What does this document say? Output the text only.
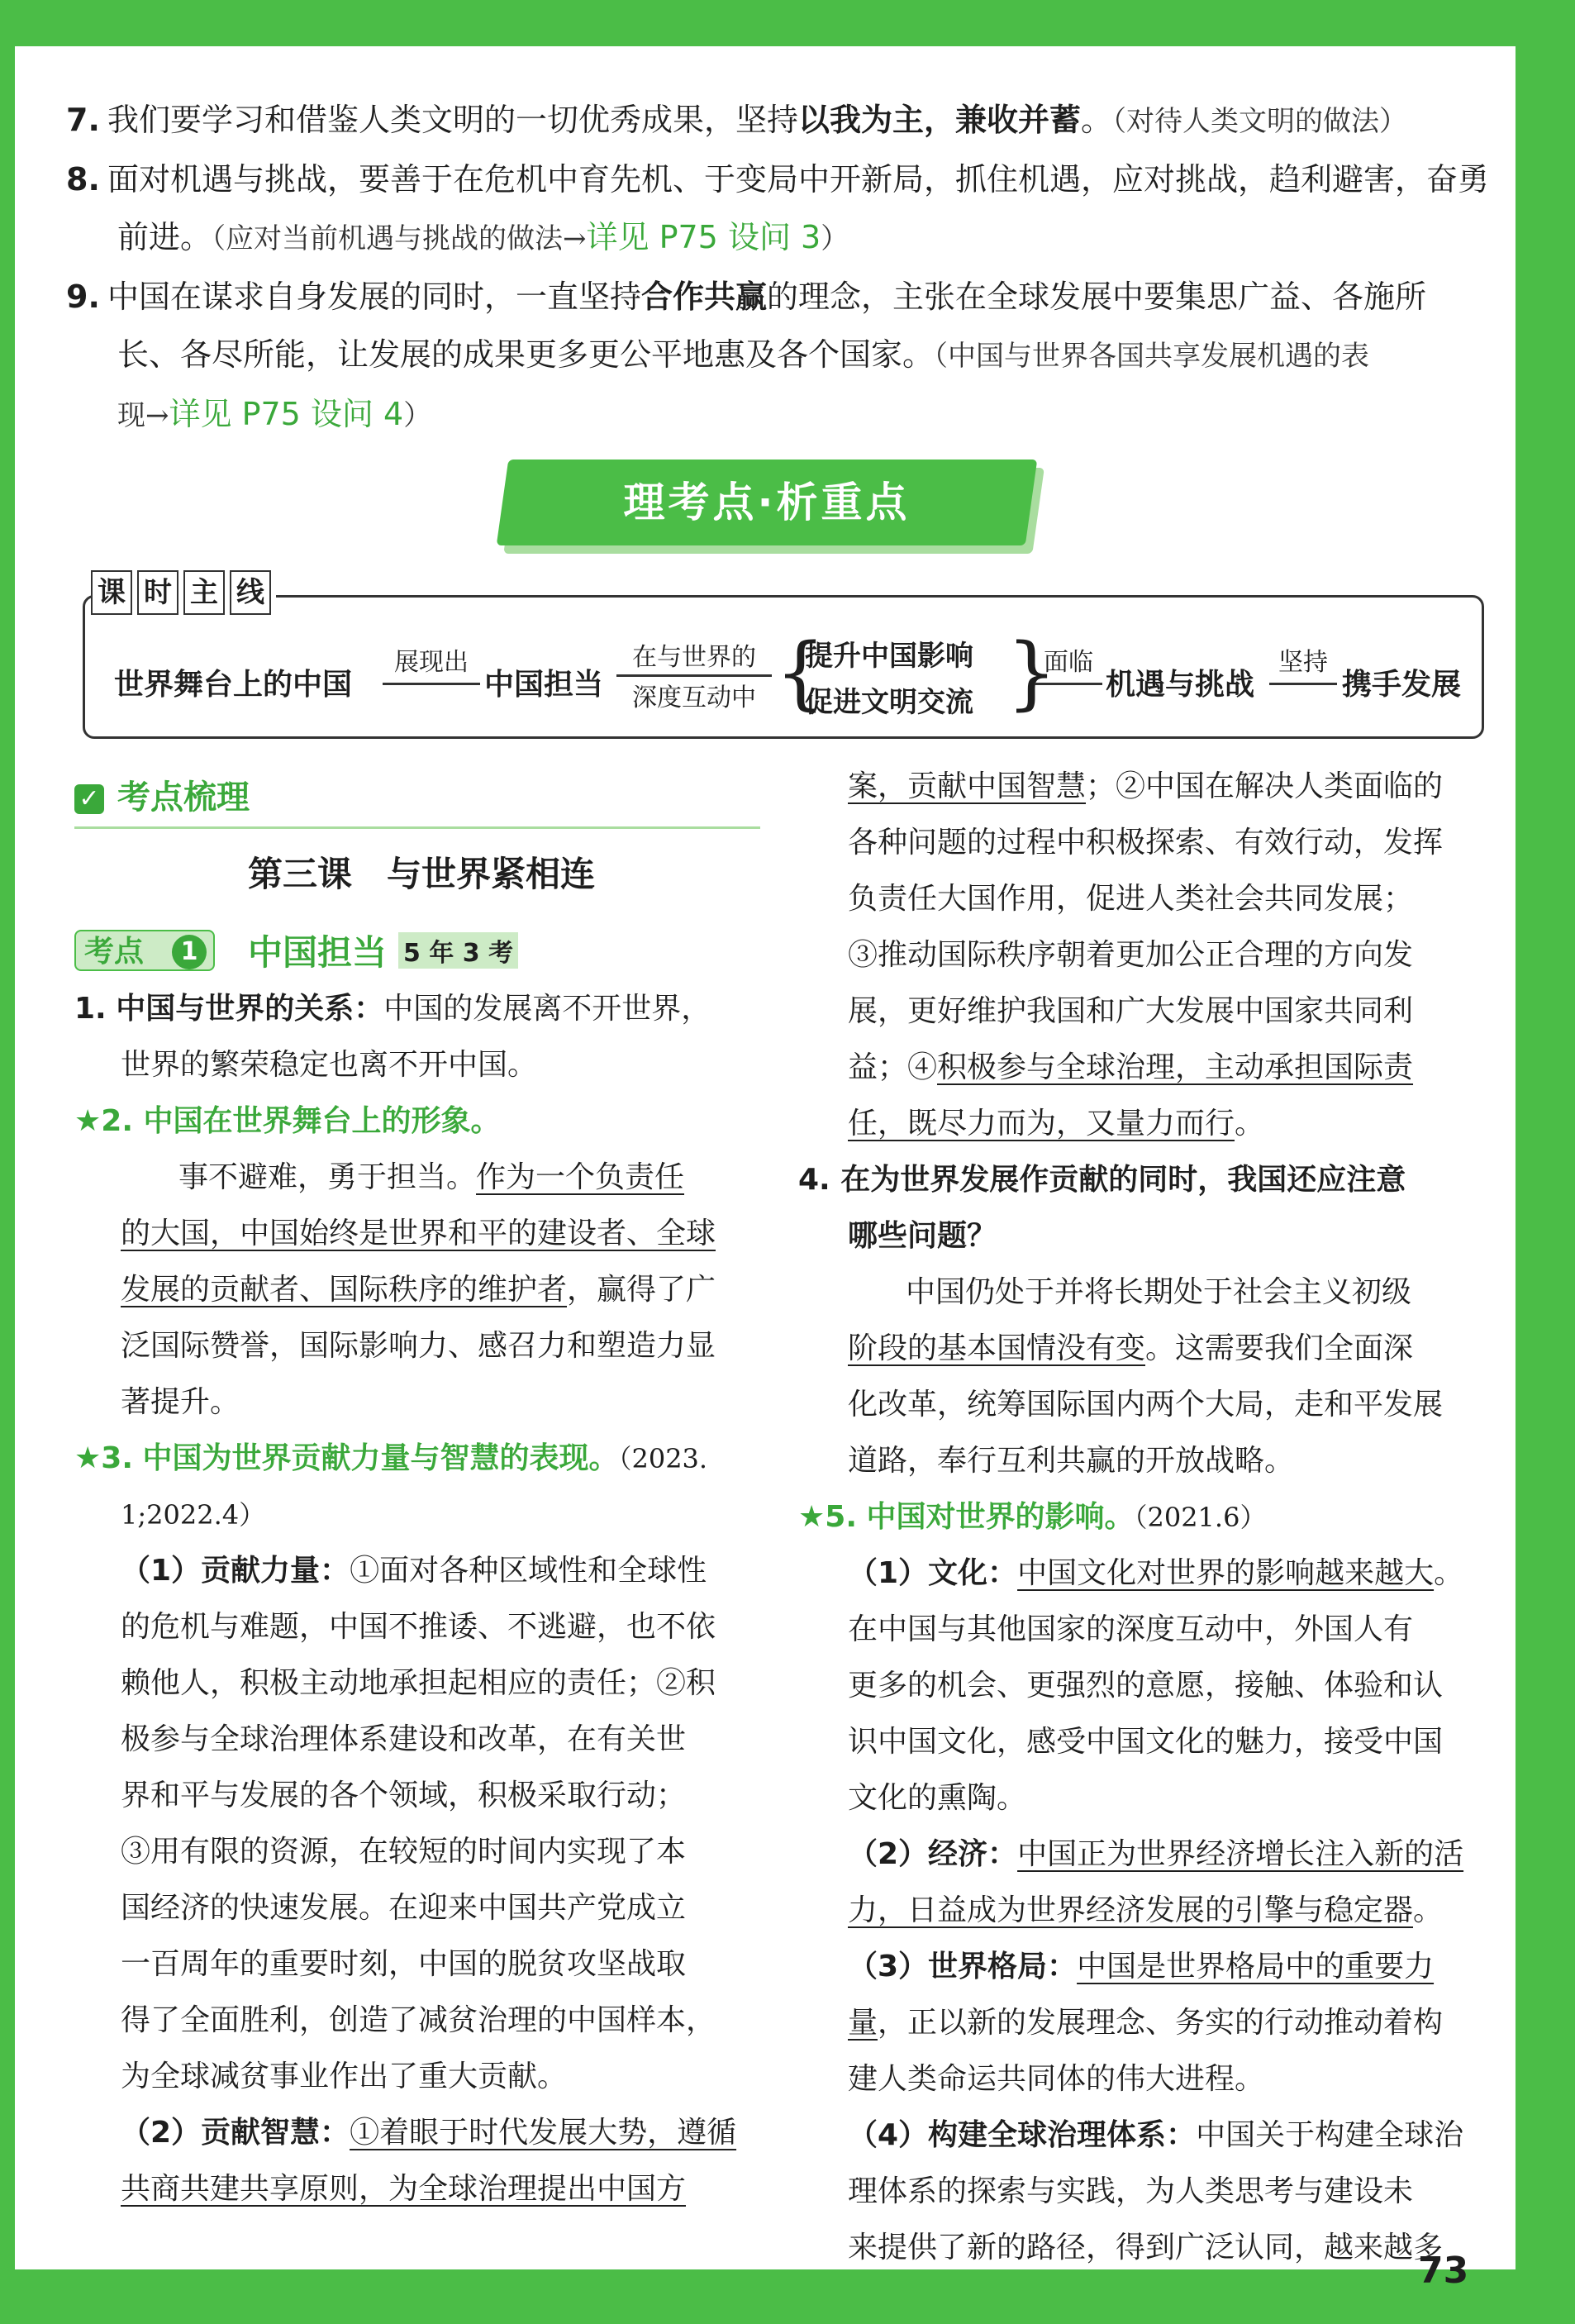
7. 我们要学习和借鉴人类文明的一切优秀成果，坚持以我为主，兼收并蓄。（对待人类文明的做法）
8. 面对机遇与挑战，要善于在危机中育先机、于变局中开新局，抓住机遇，应对挑战，趋利避害，奋勇
前进。（应对当前机遇与挑战的做法→详见 P75 设问 3）
9. 中国在谋求自身发展的同时，一直坚持合作共赢的理念，主张在全球发展中要集思广益、各施所
长、各尽所能，让发展的成果更多更公平地惠及各个国家。（中国与世界各国共享发展机遇的表
现→详见 P75 设问 4）
理考点·析重点
课 时 主 线
世界舞台上的中国
展现出
中国担当
在与世界的
深度互动中 {
提升中国影响
促进文明交流 }
面临
机遇与挑战
坚持
携手发展
✓ 考点梳理
第三课　与世界紧相连
考点	1 中国担当 5 年 3 考
1. 中国与世界的关系：中国的发展离不开世界，
世界的繁荣稳定也离不开中国。
★2. 中国在世界舞台上的形象。
事不避难，勇于担当。作为一个负责任
的大国，中国始终是世界和平的建设者、全球
发展的贡献者、国际秩序的维护者，赢得了广
泛国际赞誉，国际影响力、感召力和塑造力显
著提升。
★3. 中国为世界贡献力量与智慧的表现。（2023.
1;2022.4）
（1）贡献力量：①面对各种区域性和全球性
的危机与难题，中国不推诿、不逃避，也不依
赖他人，积极主动地承担起相应的责任；②积
极参与全球治理体系建设和改革，在有关世
界和平与发展的各个领域，积极采取行动；
③用有限的资源，在较短的时间内实现了本
国经济的快速发展。在迎来中国共产党成立
一百周年的重要时刻，中国的脱贫攻坚战取
得了全面胜利，创造了减贫治理的中国样本，
为全球减贫事业作出了重大贡献。
（2）贡献智慧：①着眼于时代发展大势，遵循
共商共建共享原则，为全球治理提出中国方
案，贡献中国智慧；②中国在解决人类面临的
各种问题的过程中积极探索、有效行动，发挥
负责任大国作用，促进人类社会共同发展；
③推动国际秩序朝着更加公正合理的方向发
展，更好维护我国和广大发展中国家共同利
益；④积极参与全球治理，主动承担国际责
任，既尽力而为，又量力而行。
4. 在为世界发展作贡献的同时，我国还应注意
哪些问题？
中国仍处于并将长期处于社会主义初级
阶段的基本国情没有变。这需要我们全面深
化改革，统筹国际国内两个大局，走和平发展
道路，奉行互利共赢的开放战略。
★5. 中国对世界的影响。（2021.6）
（1）文化：中国文化对世界的影响越来越大。
在中国与其他国家的深度互动中，外国人有
更多的机会、更强烈的意愿，接触、体验和认
识中国文化，感受中国文化的魅力，接受中国
文化的熏陶。
（2）经济：中国正为世界经济增长注入新的活
力，日益成为世界经济发展的引擎与稳定器。
（3）世界格局：中国是世界格局中的重要力
量，正以新的发展理念、务实的行动推动着构
建人类命运共同体的伟大进程。
（4）构建全球治理体系：中国关于构建全球治
理体系的探索与实践，为人类思考与建设未
来提供了新的路径，得到广泛认同，越来越多
73
